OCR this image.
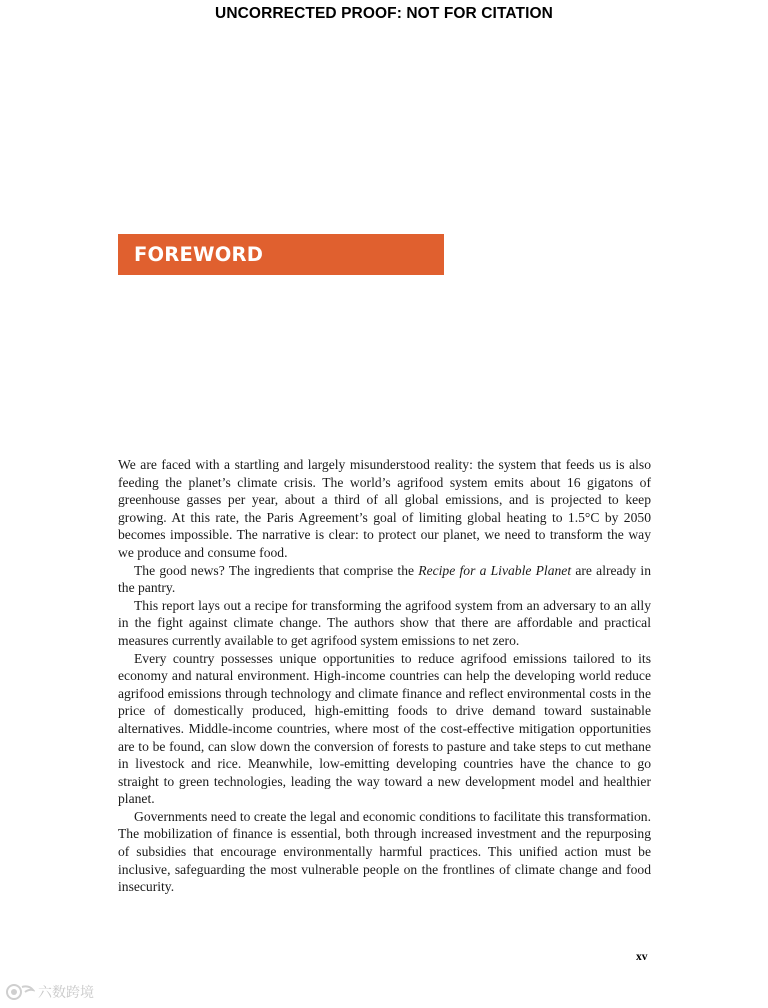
UNCORRECTED PROOF: NOT FOR CITATION
FOREWORD

We are faced with a startling and largely misunderstood reality: the system that feeds us is also feeding the planet’s climate crisis. The world’s agrifood system emits about 16 gigatons of greenhouse gasses per year, about a third of all global emissions, and is projected to keep growing. At this rate, the Paris Agreement’s goal of limiting global heating to 1.5°C by 2050 becomes impossible. The narrative is clear: to protect our planet, we need to transform the way we produce and consume food.

The good news? The ingredients that comprise the Recipe for a Livable Planet are already in the pantry.

This report lays out a recipe for transforming the agrifood system from an adversary to an ally in the fight against climate change. The authors show that there are affordable and practical measures currently available to get agrifood system emissions to net zero.

Every country possesses unique opportunities to reduce agrifood emissions tailored to its economy and natural environment. High-income countries can help the developing world reduce agrifood emissions through technology and climate finance and reflect environmental costs in the price of domestically produced, high-emitting foods to drive demand toward sustainable alternatives. Middle-income countries, where most of the cost-effective mitigation opportunities are to be found, can slow down the conversion of forests to pasture and take steps to cut methane in livestock and rice. Meanwhile, low-emitting developing countries have the chance to go straight to green technologies, leading the way toward a new development model and healthier planet.

Governments need to create the legal and economic conditions to facilitate this transformation. The mobilization of finance is essential, both through increased investment and the repurposing of subsidies that encourage environmentally harmful practices. This unified action must be inclusive, safeguarding the most vulnerable people on the frontlines of climate change and food insecurity.

xv
六数跨境
